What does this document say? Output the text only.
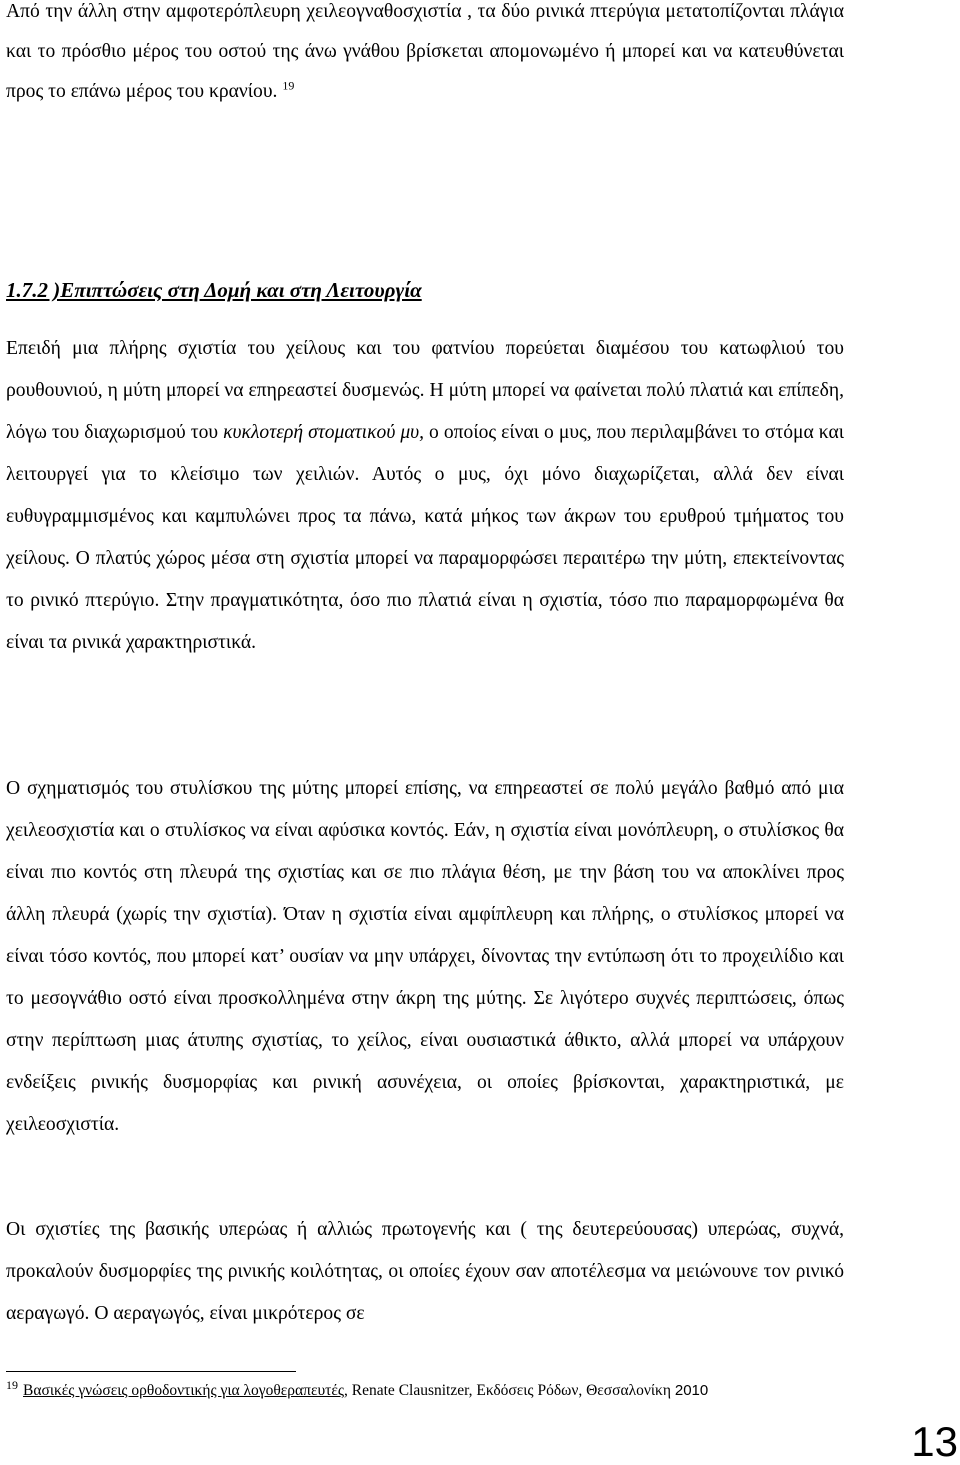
Από την άλλη στην αμφοτερόπλευρη χειλεογναθοσχιστία , τα δύο ρινικά πτερύγια μετατοπίζονται πλάγια και το πρόσθιο μέρος του οστού της άνω γνάθου βρίσκεται απομονωμένο ή μπορεί και να κατευθύνεται προς το επάνω μέρος του κρανίου. $^{19}$

1.7.2 )Επιπτώσεις στη Δομή και στη Λειτουργία

Επειδή μια πλήρης σχιστία του χείλους και του φατνίου πορεύεται διαμέσου του κατωφλιού του ρουθουνιού, η μύτη μπορεί να επηρεαστεί δυσμενώς. Η μύτη μπορεί να φαίνεται πολύ πλατιά και επίπεδη, λόγω του διαχωρισμού του κυκλοτερή στοματικού μυ, ο οποίος είναι ο μυς, που περιλαμβάνει το στόμα και λειτουργεί για το κλείσιμο των χειλιών. Αυτός ο μυς, όχι μόνο διαχωρίζεται, αλλά δεν είναι ευθυγραμμισμένος και καμπυλώνει προς τα πάνω, κατά μήκος των άκρων του ερυθρού τμήματος του χείλους. Ο πλατύς χώρος μέσα στη σχιστία μπορεί να παραμορφώσει περαιτέρω την μύτη, επεκτείνοντας το ρινικό πτερύγιο. Στην πραγματικότητα, όσο πιο πλατιά είναι η σχιστία, τόσο πιο παραμορφωμένα θα είναι τα ρινικά χαρακτηριστικά.

Ο σχηματισμός του στυλίσκου της μύτης μπορεί επίσης, να επηρεαστεί σε πολύ μεγάλο βαθμό από μια χειλεοσχιστία και ο στυλίσκος να είναι αφύσικα κοντός. Εάν, η σχιστία είναι μονόπλευρη, ο στυλίσκος θα είναι πιο κοντός στη πλευρά της σχιστίας και σε πιο πλάγια θέση, με την βάση του να αποκλίνει προς άλλη πλευρά (χωρίς την σχιστία). Όταν η σχιστία είναι αμφίπλευρη και πλήρης, ο στυλίσκος μπορεί να είναι τόσο κοντός, που μπορεί κατ’ ουσίαν να μην υπάρχει, δίνοντας την εντύπωση ότι το προχειλίδιο και το μεσογνάθιο οστό είναι προσκολλημένα στην άκρη της μύτης. Σε λιγότερο συχνές περιπτώσεις, όπως στην περίπτωση μιας άτυπης σχιστίας, το χείλος, είναι ουσιαστικά άθικτο, αλλά μπορεί να υπάρχουν ενδείξεις ρινικής δυσμορφίας και ρινική ασυνέχεια, οι οποίες βρίσκονται, χαρακτηριστικά, με χειλεοσχιστία.

Οι σχιστίες της βασικής υπερώας ή αλλιώς πρωτογενής και ( της δευτερεύουσας) υπερώας, συχνά, προκαλούν δυσμορφίες της ρινικής κοιλότητας, οι οποίες έχουν σαν αποτέλεσμα να μειώνουνε τον ρινικό αεραγωγό. Ο αεραγωγός, είναι μικρότερος σε

$^{19}$ Βασικές γνώσεις ορθοδοντικής για λογοθεραπευτές, Renate Clausnitzer, Εκδόσεις Ρόδων, Θεσσαλονίκη 2010
13
